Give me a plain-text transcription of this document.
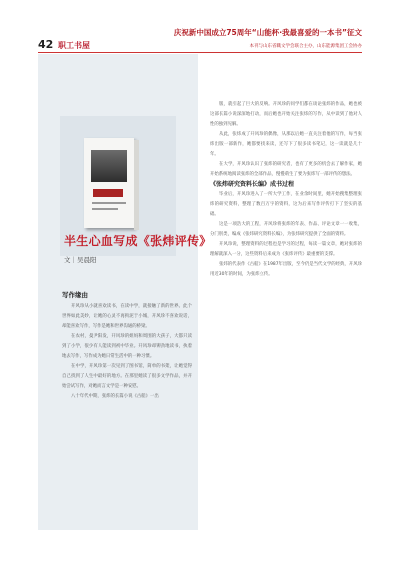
42 职工书屋
庆祝新中国成立75周年“山能杯·我最喜爱的一本书”征文
本刊与山东省職文学会联合主办，山东能源集团工会协办
半生心血写成《张炜评传》
文｜吴晨阳
写作缘由

开风珍从小就喜欢读书，在读中学，就接触了新的世界。此个世界如此美妙，让她的心灵不再拘泥于小城，开风珍不喜欢说话，却能喜欢写作，写作是她和世界沟通的桥梁。

在农村，曼尹阳发，开风珍的姐妈和周围的大孩子，大都只读到了小学，很少有人能读到初中毕业。开风珍却铆劲地读书，执着地去写作，写作成为她日常生活中的一种习惯。

在中学，开风珍第一次见到了图书馆，简单的书架，让她觉得自己找到了人生中最好的地方。在那里她读了很多文学作品，并开始尝试写作，对她而言文学是一种安慰。

八十年代中期，张炜的长篇小说《古船》一出

版，就引起了巨大的反响。开风珍的同学们都在谈论张炜的作品，她也被这部长篇小说深深地打动，而后她也开始关注张炜的写作，从中读到了他对人性的独到见解。

从此，张炜成了开风珍的偶像，从那以后她一直关注着他的写作，每当张炜出版一部新作，她都要找来读，还写下了很多读书笔记，这一读就是几十年。

在大学，开风珍认识了张炜的研究者，也有了更多的机会去了解作家，她开始系统地阅读张炜的全部作品，慢慢萌生了要为张炜写一部评传的想法。

《张炜研究资料长编》成书过程

毕业后，开风珍进入了一所大学工作，在业余时间里，她开始搜集整理张炜的研究资料，整理了数百万字的资料，这为后来写作评传打下了坚实的基础。

这是一项浩大的工程，开风珍将张炜的年表、作品、评论文章一一收集，分门别类，编成《张炜研究资料长编》，为张炜研究提供了全面的资料。

开风珍说，整理资料的过程也是学习的过程，每读一篇文章，她对张炜的理解就深入一分，这些资料后来成为《张炜评传》最重要的支撑。

张炜的代表作《古船》在1987年出版，至今仍是当代文学的经典，开风珍用近30年的时间，为张炜立传。
